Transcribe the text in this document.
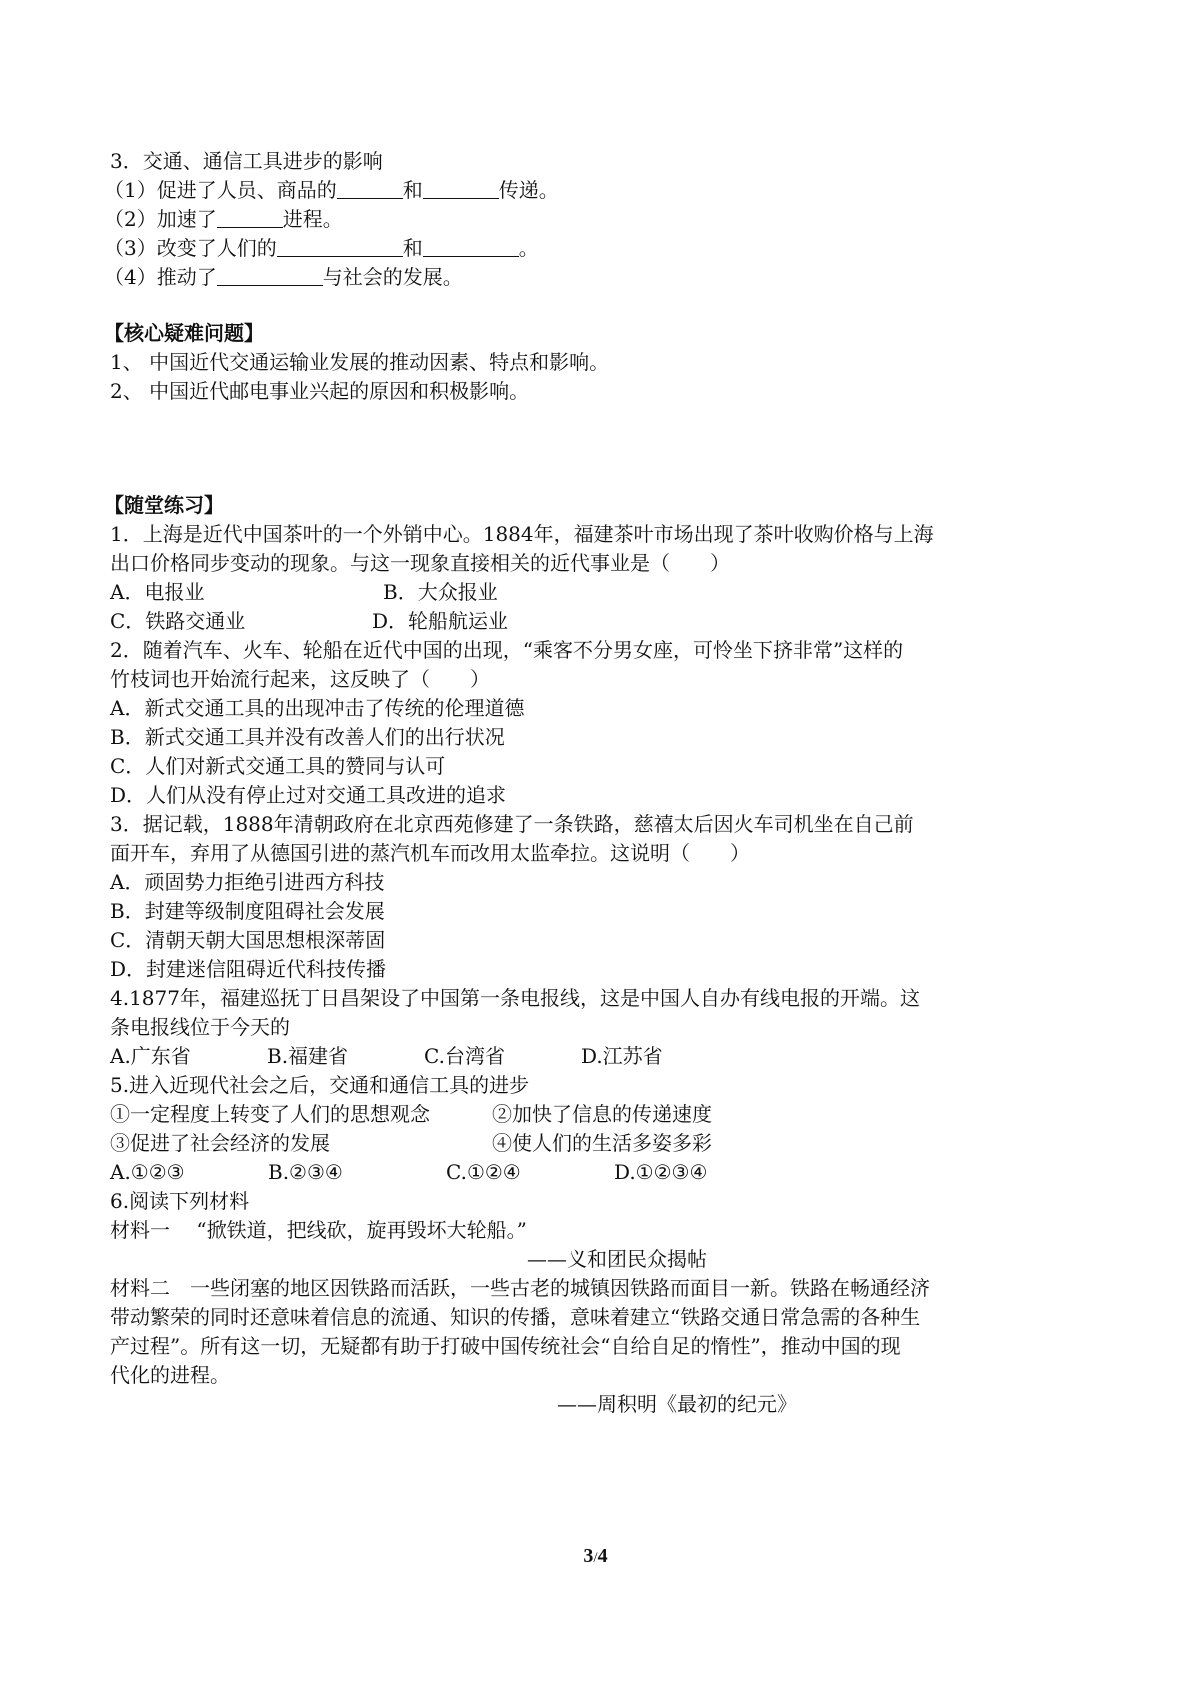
3．交通、通信工具进步的影响
（1）促进了人员、商品的	和	传递。
（2）加速了	进程。
（3）改变了人们的	和	。
（4）推动了	与社会的发展。
【核心疑难问题】
1、 中国近代交通运输业发展的推动因素、特点和影响。
2、 中国近代邮电事业兴起的原因和积极影响。
【随堂练习】
1．上海是近代中国茶叶的一个外销中心。1884年，福建茶叶市场出现了茶叶收购价格与上海
出口价格同步变动的现象。与这一现象直接相关的近代事业是（　　）
A．电报业	B．大众报业
C．铁路交通业	D．轮船航运业
2．随着汽车、火车、轮船在近代中国的出现，“乘客不分男女座，可怜坐下挤非常”这样的
竹枝词也开始流行起来，这反映了（　　）
A．新式交通工具的出现冲击了传统的伦理道德
B．新式交通工具并没有改善人们的出行状况
C．人们对新式交通工具的赞同与认可
D．人们从没有停止过对交通工具改进的追求
3．据记载，1888年清朝政府在北京西苑修建了一条铁路，慈禧太后因火车司机坐在自己前
面开车，弃用了从德国引进的蒸汽机车而改用太监牵拉。这说明（　　）
A．顽固势力拒绝引进西方科技
B．封建等级制度阻碍社会发展
C．清朝天朝大国思想根深蒂固
D．封建迷信阻碍近代科技传播
4.1877年，福建巡抚丁日昌架设了中国第一条电报线，这是中国人自办有线电报的开端。这
条电报线位于今天的
A.广东省	B.福建省	C.台湾省	D.江苏省
5.进入近现代社会之后，交通和通信工具的进步
①一定程度上转变了人们的思想观念	②加快了信息的传递速度
③促进了社会经济的发展	④使人们的生活多姿多彩
A.①②③	B.②③④	C.①②④	D.①②③④
6.阅读下列材料
材料一　 “掀铁道，把线砍，旋再毁坏大轮船。”
——义和团民众揭帖
材料二　一些闭塞的地区因铁路而活跃，一些古老的城镇因铁路而面目一新。铁路在畅通经济
带动繁荣的同时还意味着信息的流通、知识的传播，意味着建立“铁路交通日常急需的各种生
产过程”。所有这一切，无疑都有助于打破中国传统社会“自给自足的惰性”，推动中国的现
代化的进程。
——周积明《最初的纪元》
3/4
